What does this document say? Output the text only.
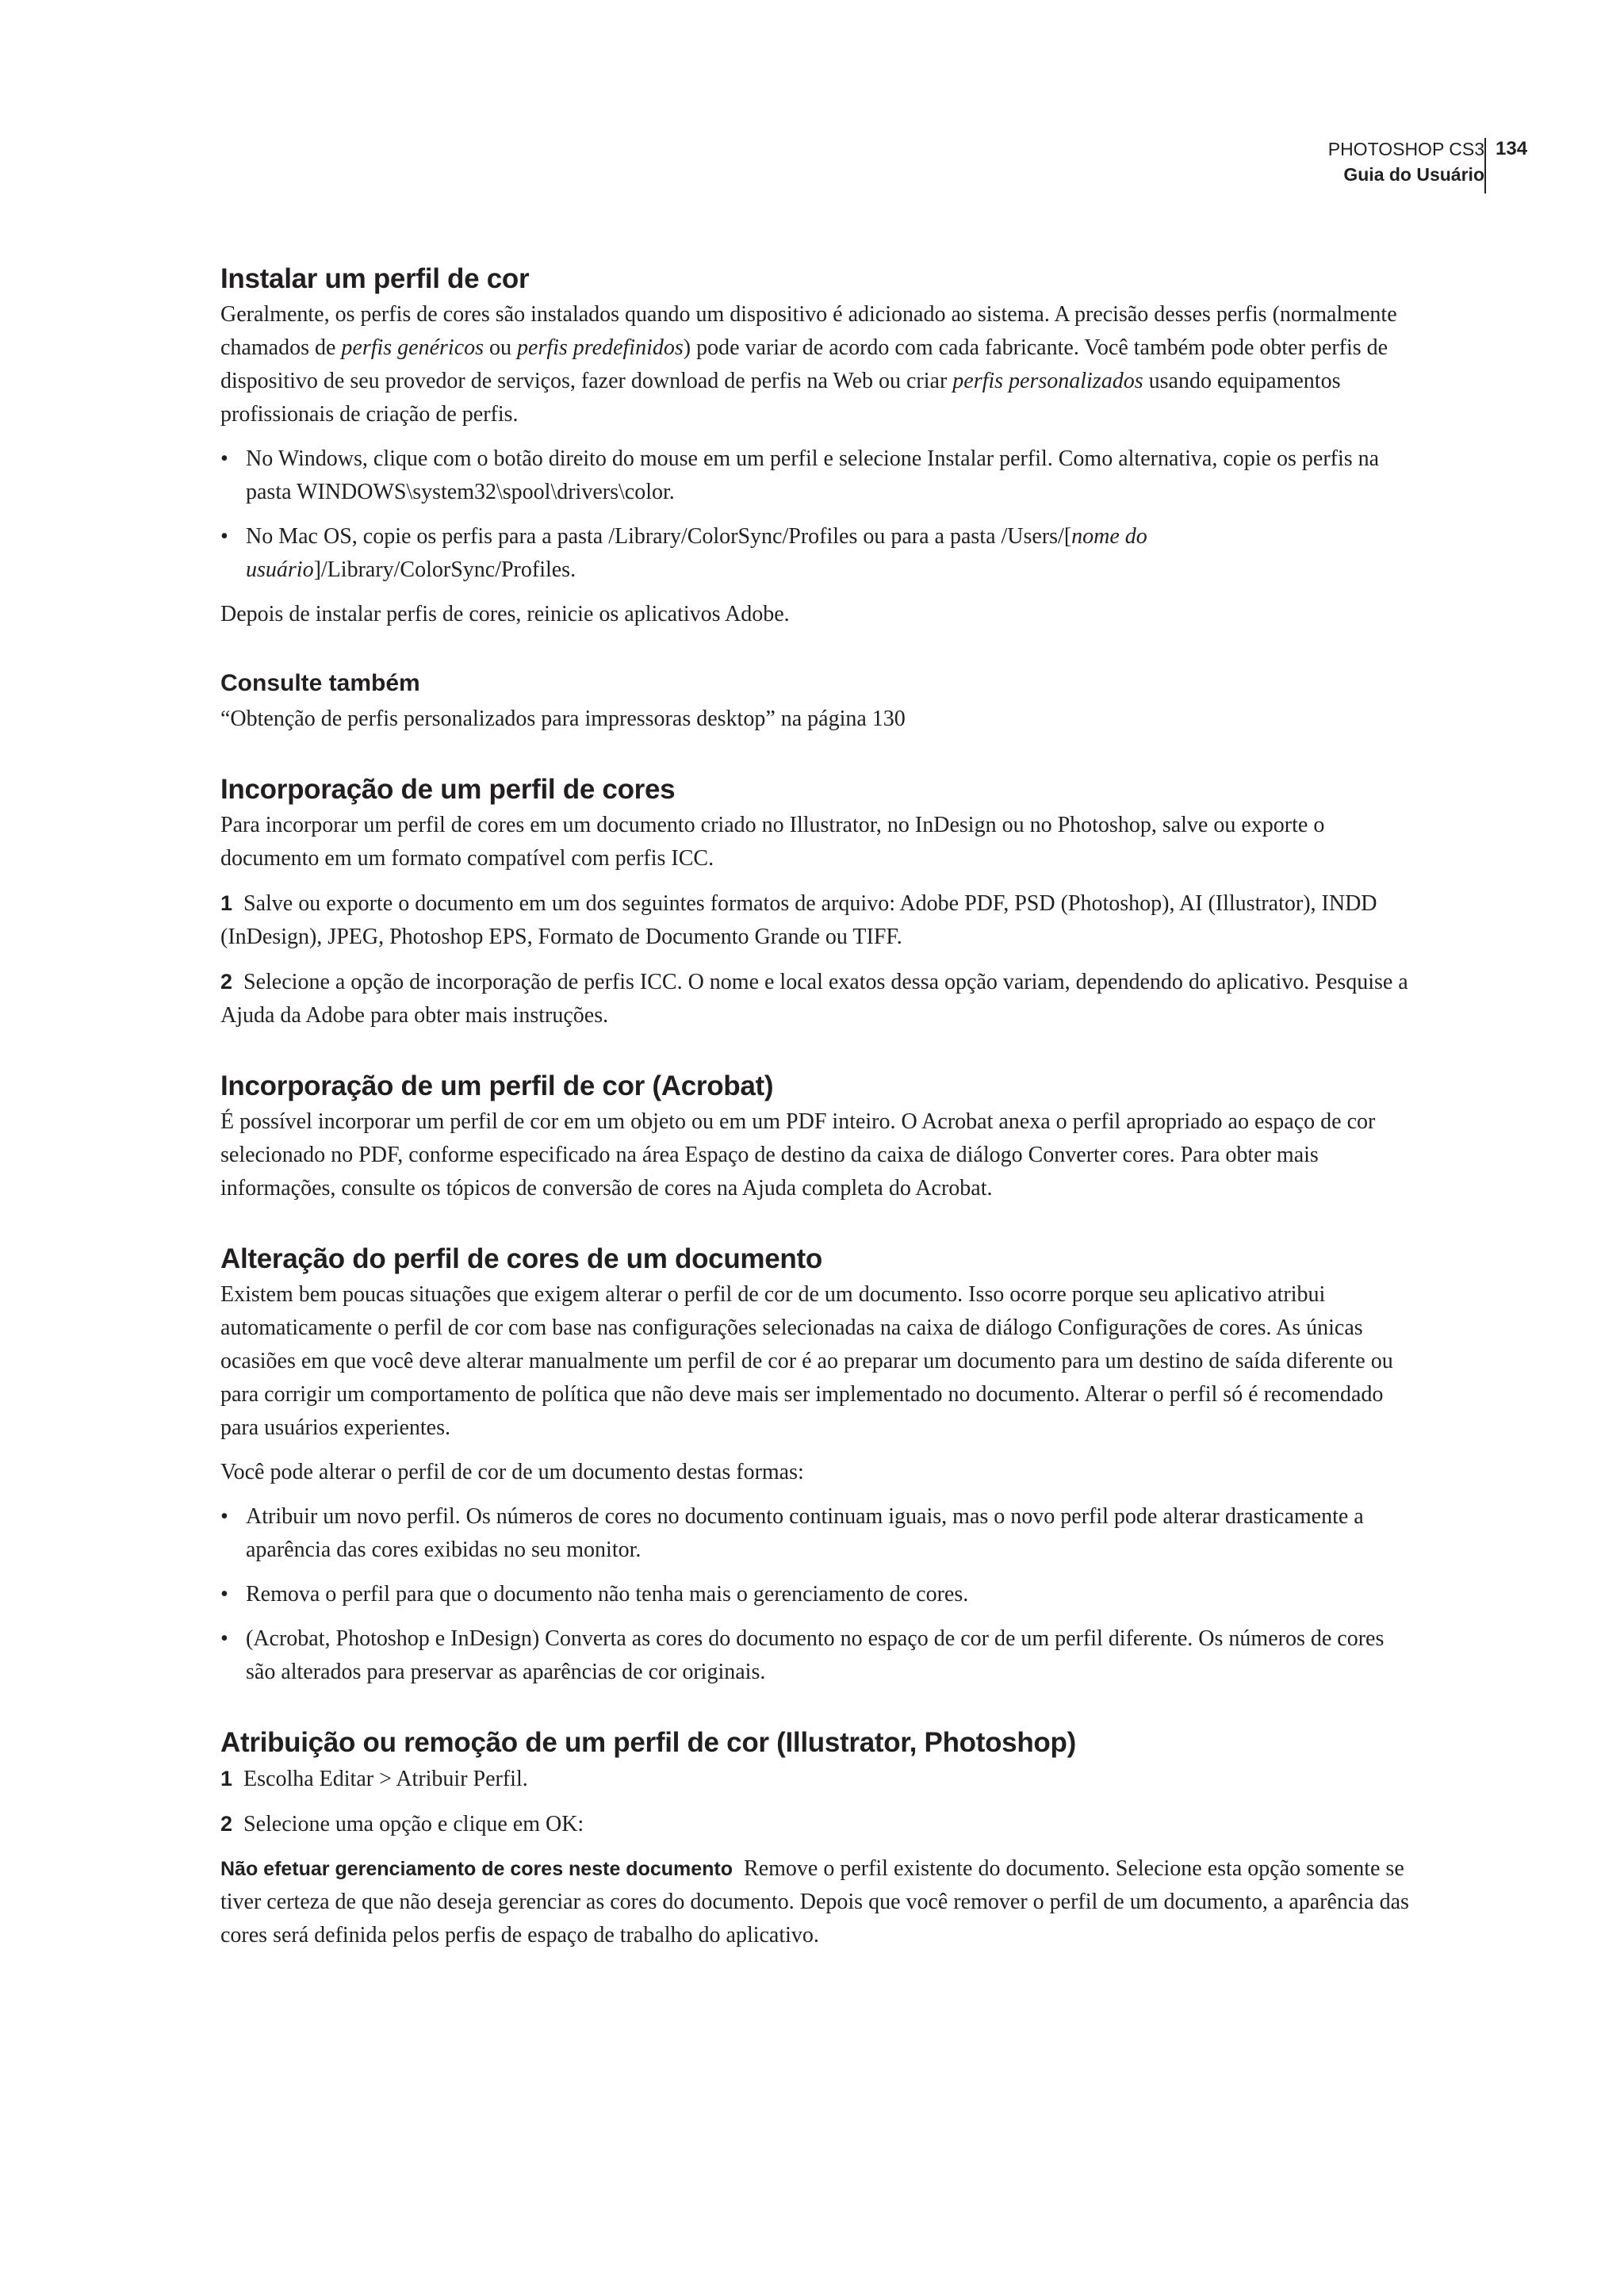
PHOTOSHOP CS3
Guia do Usuário
134
Instalar um perfil de cor

Geralmente, os perfis de cores são instalados quando um dispositivo é adicionado ao sistema. A precisão desses perfis (normalmente chamados de perfis genéricos ou perfis predefinidos) pode variar de acordo com cada fabricante. Você também pode obter perfis de dispositivo de seu provedor de serviços, fazer download de perfis na Web ou criar perfis personalizados usando equipamentos profissionais de criação de perfis.

• No Windows, clique com o botão direito do mouse em um perfil e selecione Instalar perfil. Como alternativa, copie os perfis na pasta WINDOWS\system32\spool\drivers\color.
• No Mac OS, copie os perfis para a pasta /Library/ColorSync/Profiles ou para a pasta /Users/[nome do usuário]/Library/ColorSync/Profiles.

Depois de instalar perfis de cores, reinicie os aplicativos Adobe.

Consulte também

“Obtenção de perfis personalizados para impressoras desktop” na página 130

Incorporação de um perfil de cores

Para incorporar um perfil de cores em um documento criado no Illustrator, no InDesign ou no Photoshop, salve ou exporte o documento em um formato compatível com perfis ICC.

1 Salve ou exporte o documento em um dos seguintes formatos de arquivo: Adobe PDF, PSD (Photoshop), AI (Illustrator), INDD (InDesign), JPEG, Photoshop EPS, Formato de Documento Grande ou TIFF.

2 Selecione a opção de incorporação de perfis ICC. O nome e local exatos dessa opção variam, dependendo do aplicativo. Pesquise a Ajuda da Adobe para obter mais instruções.

Incorporação de um perfil de cor (Acrobat)

É possível incorporar um perfil de cor em um objeto ou em um PDF inteiro. O Acrobat anexa o perfil apropriado ao espaço de cor selecionado no PDF, conforme especificado na área Espaço de destino da caixa de diálogo Converter cores. Para obter mais informações, consulte os tópicos de conversão de cores na Ajuda completa do Acrobat.

Alteração do perfil de cores de um documento

Existem bem poucas situações que exigem alterar o perfil de cor de um documento. Isso ocorre porque seu aplicativo atribui automaticamente o perfil de cor com base nas configurações selecionadas na caixa de diálogo Configurações de cores. As únicas ocasiões em que você deve alterar manualmente um perfil de cor é ao preparar um documento para um destino de saída diferente ou para corrigir um comportamento de política que não deve mais ser implementado no documento. Alterar o perfil só é recomendado para usuários experientes.

Você pode alterar o perfil de cor de um documento destas formas:

• Atribuir um novo perfil. Os números de cores no documento continuam iguais, mas o novo perfil pode alterar drasticamente a aparência das cores exibidas no seu monitor.
• Remova o perfil para que o documento não tenha mais o gerenciamento de cores.
• (Acrobat, Photoshop e InDesign) Converta as cores do documento no espaço de cor de um perfil diferente. Os números de cores são alterados para preservar as aparências de cor originais.
Atribuição ou remoção de um perfil de cor (Illustrator, Photoshop)

1 Escolha Editar > Atribuir Perfil.

2 Selecione uma opção e clique em OK:

Não efetuar gerenciamento de cores neste documento Remove o perfil existente do documento. Selecione esta opção somente se tiver certeza de que não deseja gerenciar as cores do documento. Depois que você remover o perfil de um documento, a aparência das cores será definida pelos perfis de espaço de trabalho do aplicativo.
